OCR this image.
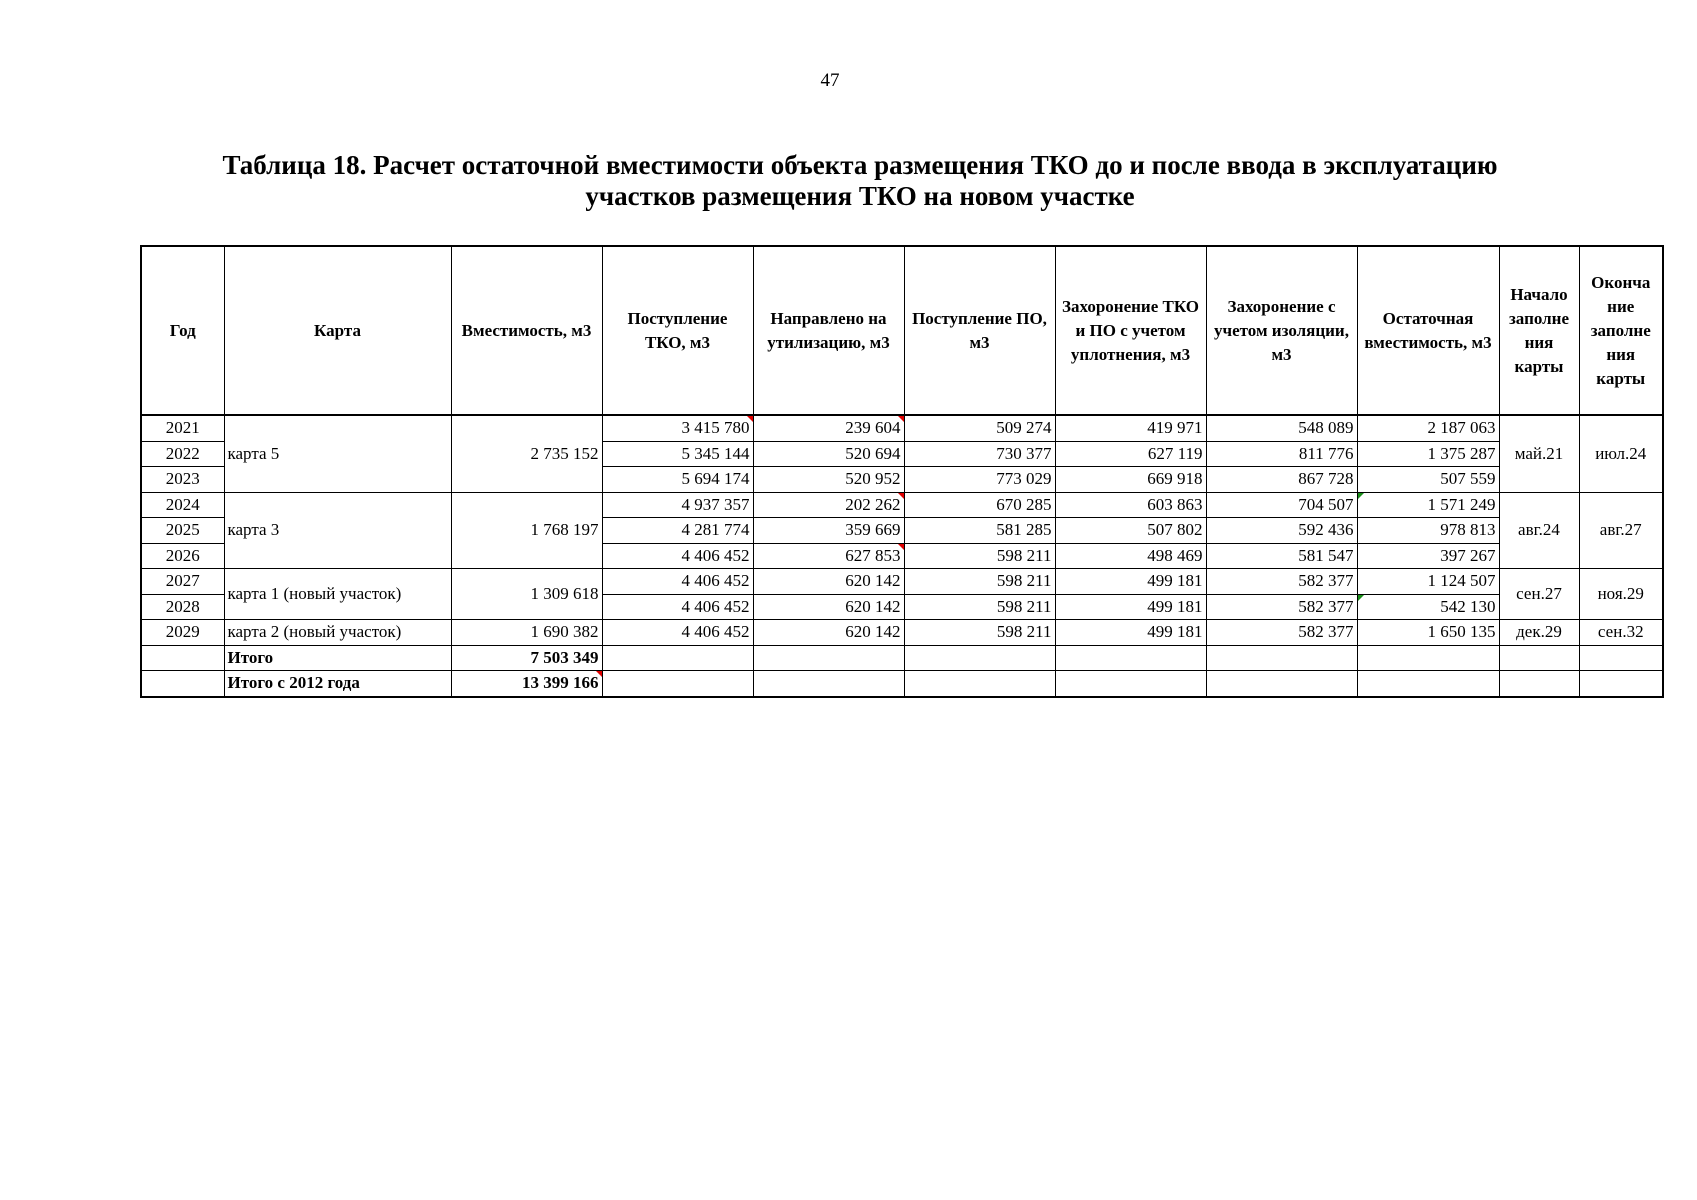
47
Таблица 18. Расчет остаточной вместимости объекта размещения ТКО до и после ввода в эксплуатацию
участков размещения ТКО на новом участке
Год	Карта	Вместимость, м3	Поступление ТКО, м3	Направлено на утилизацию, м3	Поступление ПО, м3	Захоронение ТКО и ПО с учетом уплотнения, м3	Захоронение с учетом изоляции, м3	Остаточная вместимость, м3	Начало заполне ния карты	Оконча ние заполне ния карты
2021	карта 5	2 735 152	3 415 780	239 604	509 274	419 971	548 089	2 187 063	май.21	июл.24
2022			5 345 144	520 694	730 377	627 119	811 776	1 375 287		
2023			5 694 174	520 952	773 029	669 918	867 728	507 559		
2024	карта 3	1 768 197	4 937 357	202 262	670 285	603 863	704 507	1 571 249	авг.24	авг.27
2025			4 281 774	359 669	581 285	507 802	592 436	978 813		
2026			4 406 452	627 853	598 211	498 469	581 547	397 267		
2027	карта 1 (новый участок)	1 309 618	4 406 452	620 142	598 211	499 181	582 377	1 124 507	сен.27	ноя.29
2028			4 406 452	620 142	598 211	499 181	582 377	542 130		
2029	карта 2 (новый участок)	1 690 382	4 406 452	620 142	598 211	499 181	582 377	1 650 135	дек.29	сен.32
	Итого	7 503 349								
	Итого с 2012 года	13 399 166								
